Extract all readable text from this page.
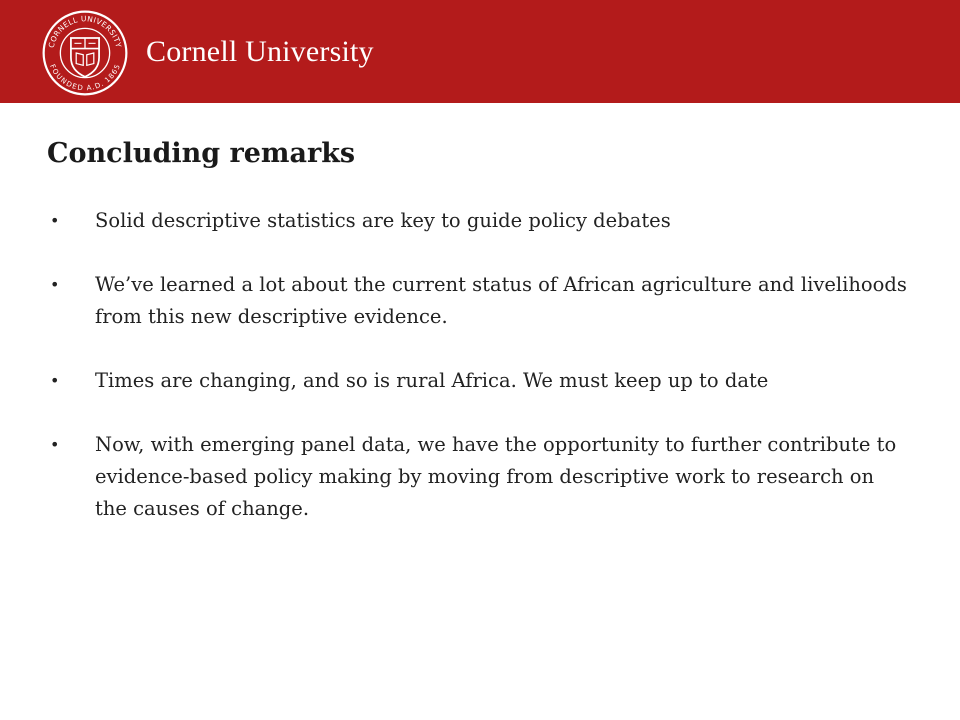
CORNELL UNIVERSITY
FOUNDED A.D. 1865 Cornell University
Concluding remarks
• Solid descriptive statistics are key to guide policy debates
• We’ve learned a lot about the current status of African agriculture and livelihoods from this new descriptive evidence.
• Times are changing, and so is rural Africa. We must keep up to date
• Now, with emerging panel data, we have the opportunity to further contribute to evidence-based policy making by moving from descriptive work to research on the causes of change.
